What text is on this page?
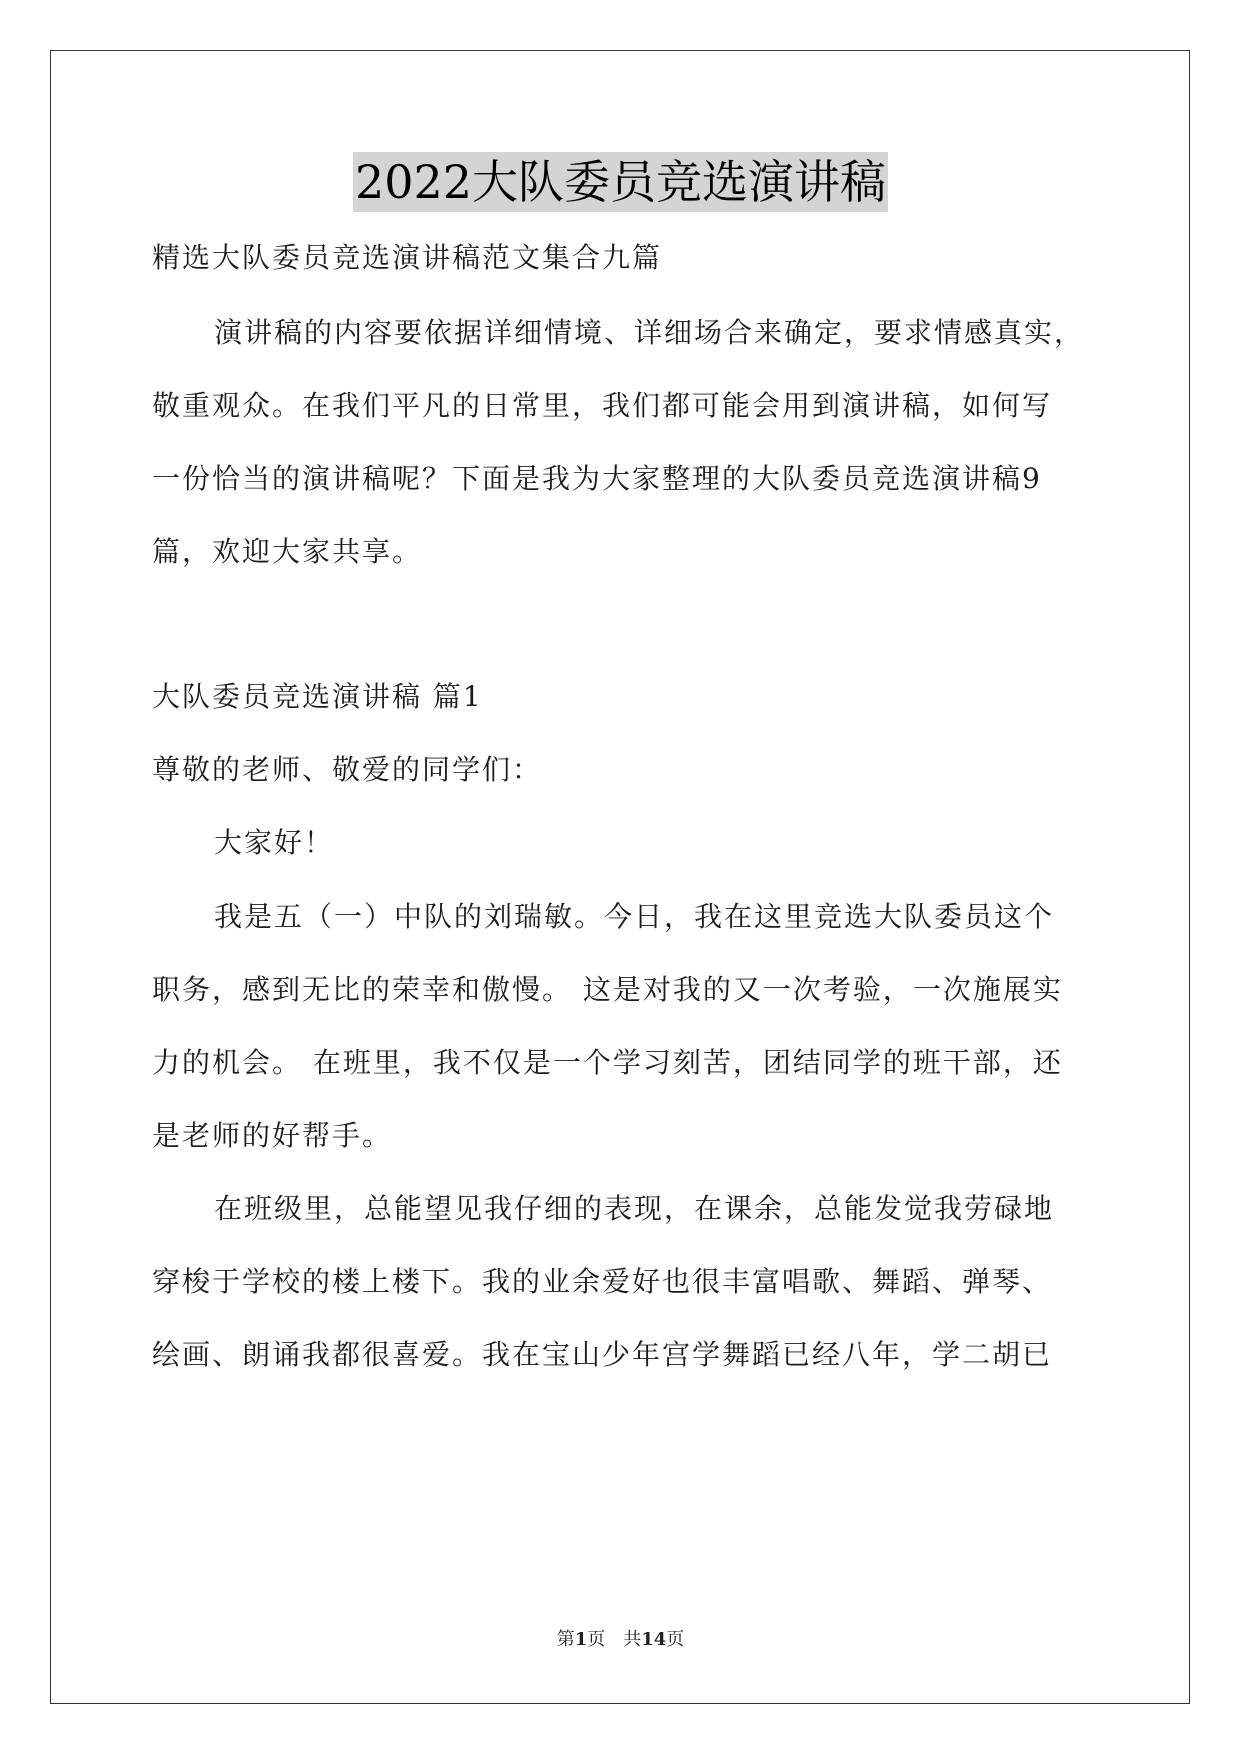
2022大队委员竞选演讲稿
精选大队委员竞选演讲稿范文集合九篇
演讲稿的内容要依据详细情境、详细场合来确定，要求情感真实，
敬重观众。在我们平凡的日常里，我们都可能会用到演讲稿，如何写
一份恰当的演讲稿呢？下面是我为大家整理的大队委员竞选演讲稿9
篇，欢迎大家共享。
大队委员竞选演讲稿 篇1
尊敬的老师、敬爱的同学们：
大家好！
我是五（一）中队的刘瑞敏。今日，我在这里竞选大队委员这个
职务，感到无比的荣幸和傲慢。 这是对我的又一次考验，一次施展实
力的机会。 在班里，我不仅是一个学习刻苦，团结同学的班干部，还
是老师的好帮手。
在班级里，总能望见我仔细的表现，在课余，总能发觉我劳碌地
穿梭于学校的楼上楼下。我的业余爱好也很丰富唱歌、舞蹈、弹琴、
绘画、朗诵我都很喜爱。我在宝山少年宫学舞蹈已经八年，学二胡已
第1页 共14页
